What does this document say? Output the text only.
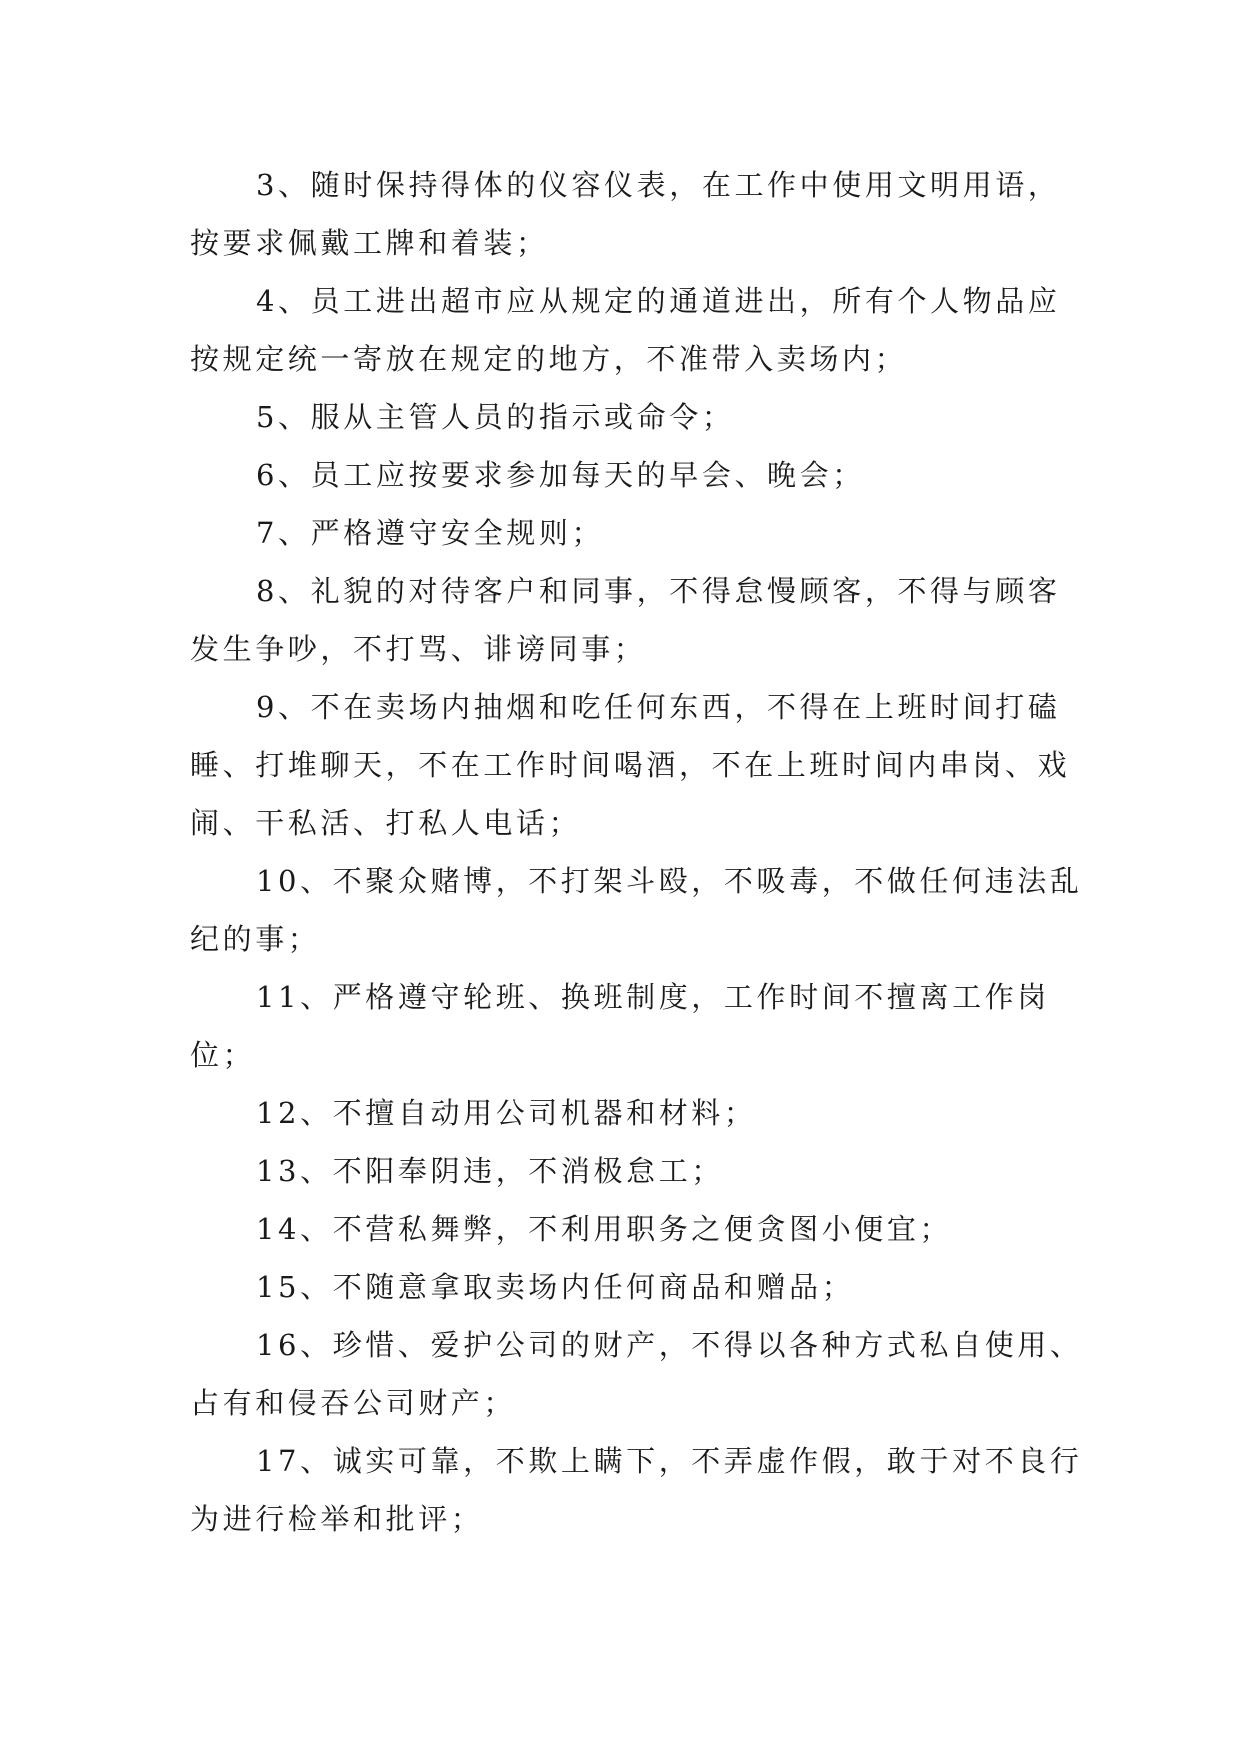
3、随时保持得体的仪容仪表，在工作中使用文明用语，按要求佩戴工牌和着装；

4、员工进出超市应从规定的通道进出，所有个人物品应按规定统一寄放在规定的地方，不准带入卖场内；

5、服从主管人员的指示或命令；

6、员工应按要求参加每天的早会、晚会；

7、严格遵守安全规则；

8、礼貌的对待客户和同事，不得怠慢顾客，不得与顾客发生争吵，不打骂、诽谤同事；

9、不在卖场内抽烟和吃任何东西，不得在上班时间打磕睡、打堆聊天，不在工作时间喝酒，不在上班时间内串岗、戏闹、干私活、打私人电话；

10、不聚众赌博，不打架斗殴，不吸毒，不做任何违法乱纪的事；

11、严格遵守轮班、换班制度，工作时间不擅离工作岗位；

12、不擅自动用公司机器和材料；

13、不阳奉阴违，不消极怠工；

14、不营私舞弊，不利用职务之便贪图小便宜；

15、不随意拿取卖场内任何商品和赠品；

16、珍惜、爱护公司的财产，不得以各种方式私自使用、占有和侵吞公司财产；

17、诚实可靠，不欺上瞒下，不弄虚作假，敢于对不良行为进行检举和批评；
